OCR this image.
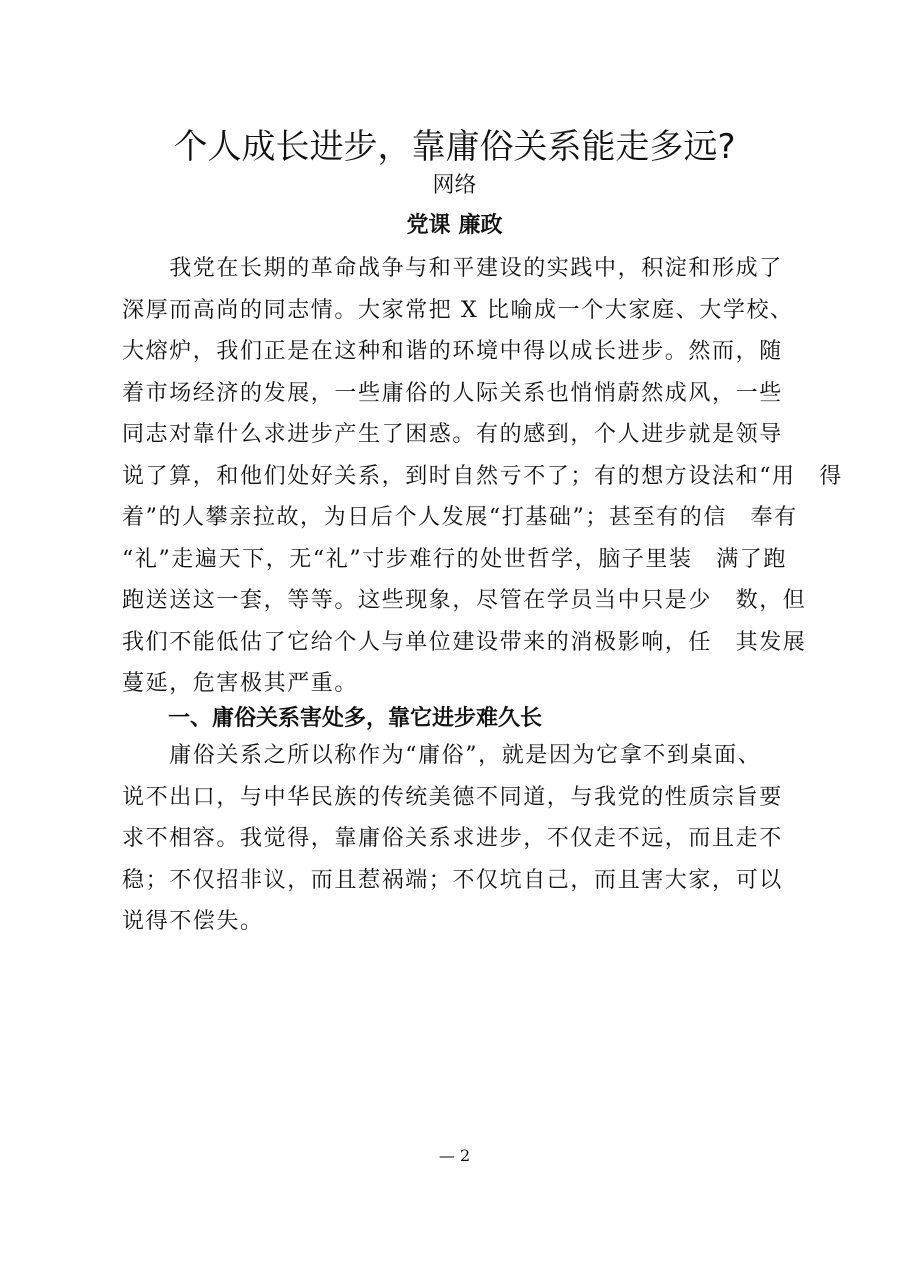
个人成长进步，靠庸俗关系能走多远?
网络
党课 廉政
　　我党在长期的革命战争与和平建设的实践中，积淀和形成了
深厚而高尚的同志情。大家常把 X 比喻成一个大家庭、大学校、
大熔炉，我们正是在这种和谐的环境中得以成长进步。然而，随
着市场经济的发展，一些庸俗的人际关系也悄悄蔚然成风，一些
同志对靠什么求进步产生了困惑。有的感到，个人进步就是领导
说了算，和他们处好关系，到时自然亏不了；有的想方设法和“用　得
着”的人攀亲拉故，为日后个人发展“打基础”；甚至有的信　奉有
“礼”走遍天下，无“礼”寸步难行的处世哲学，脑子里装　满了跑
跑送送这一套，等等。这些现象，尽管在学员当中只是少　数，但
我们不能低估了它给个人与单位建设带来的消极影响，任　其发展
蔓延，危害极其严重。
一、庸俗关系害处多，靠它进步难久长
　　庸俗关系之所以称作为“庸俗”，就是因为它拿不到桌面、
说不出口，与中华民族的传统美德不同道，与我党的性质宗旨要
求不相容。我觉得，靠庸俗关系求进步，不仅走不远，而且走不
稳；不仅招非议，而且惹祸端；不仅坑自己，而且害大家，可以
说得不偿失。
— 2
